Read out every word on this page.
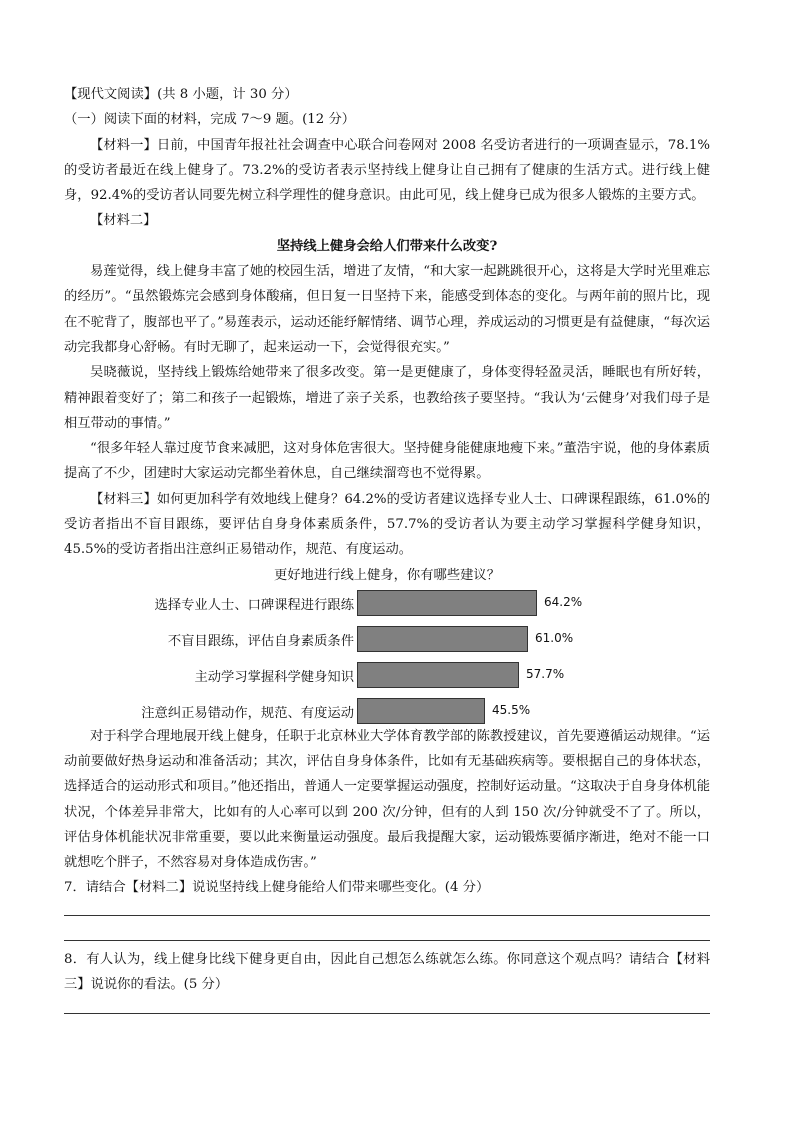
【现代文阅读】(共 8 小题，计 30 分）

（一）阅读下面的材料，完成 7～9 题。(12 分）

【材料一】日前，中国青年报社社会调查中心联合问卷网对 2008 名受访者进行的一项调查显示，78.1%的受访者最近在线上健身了。73.2%的受访者表示坚持线上健身让自己拥有了健康的生活方式。进行线上健身，92.4%的受访者认同要先树立科学理性的健身意识。由此可见，线上健身已成为很多人锻炼的主要方式。

【材料二】

坚持线上健身会给人们带来什么改变?

易莲觉得，线上健身丰富了她的校园生活，增进了友情，“和大家一起跳跳很开心，这将是大学时光里难忘的经历”。“虽然锻炼完会感到身体酸痛，但日复一日坚持下来，能感受到体态的变化。与两年前的照片比，现在不驼背了，腹部也平了。”易莲表示，运动还能纾解情绪、调节心理，养成运动的习惯更是有益健康，“每次运动完我都身心舒畅。有时无聊了，起来运动一下，会觉得很充实。”

吴晓薇说，坚持线上锻炼给她带来了很多改变。第一是更健康了，身体变得轻盈灵活，睡眠也有所好转，精神跟着变好了；第二和孩子一起锻炼，增进了亲子关系，也教给孩子要坚持。“我认为‘云健身’对我们母子是相互带动的事情。”

“很多年轻人靠过度节食来减肥，这对身体危害很大。坚持健身能健康地瘦下来。”董浩宇说，他的身体素质提高了不少，团建时大家运动完都坐着休息，自己继续溜弯也不觉得累。

【材料三】如何更加科学有效地线上健身？64.2%的受访者建议选择专业人士、口碑课程跟练，61.0%的受访者指出不盲目跟练，要评估自身身体素质条件，57.7%的受访者认为要主动学习掌握科学健身知识，45.5%的受访者指出注意纠正易错动作，规范、有度运动。

更好地进行线上健身，你有哪些建议？

选择专业人士、口碑课程进行跟练	64.2%
不盲目跟练，评估自身素质条件	61.0%
主动学习掌握科学健身知识	57.7%
注意纠正易错动作，规范、有度运动	45.5%

对于科学合理地展开线上健身，任职于北京林业大学体育教学部的陈教授建议，首先要遵循运动规律。“运动前要做好热身运动和准备活动；其次，评估自身身体条件，比如有无基础疾病等。要根据自己的身体状态，选择适合的运动形式和项目。”他还指出，普通人一定要掌握运动强度，控制好运动量。“这取决于自身身体机能状况，个体差异非常大，比如有的人心率可以到 200 次/分钟，但有的人到 150 次/分钟就受不了了。所以，评估身体机能状况非常重要，要以此来衡量运动强度。最后我提醒大家，运动锻炼要循序渐进，绝对不能一口就想吃个胖子，不然容易对身体造成伤害。”

7．请结合【材料二】说说坚持线上健身能给人们带来哪些变化。(4 分）

8．有人认为，线上健身比线下健身更自由，因此自己想怎么练就怎么练。你同意这个观点吗？请结合【材料三】说说你的看法。(5 分）
